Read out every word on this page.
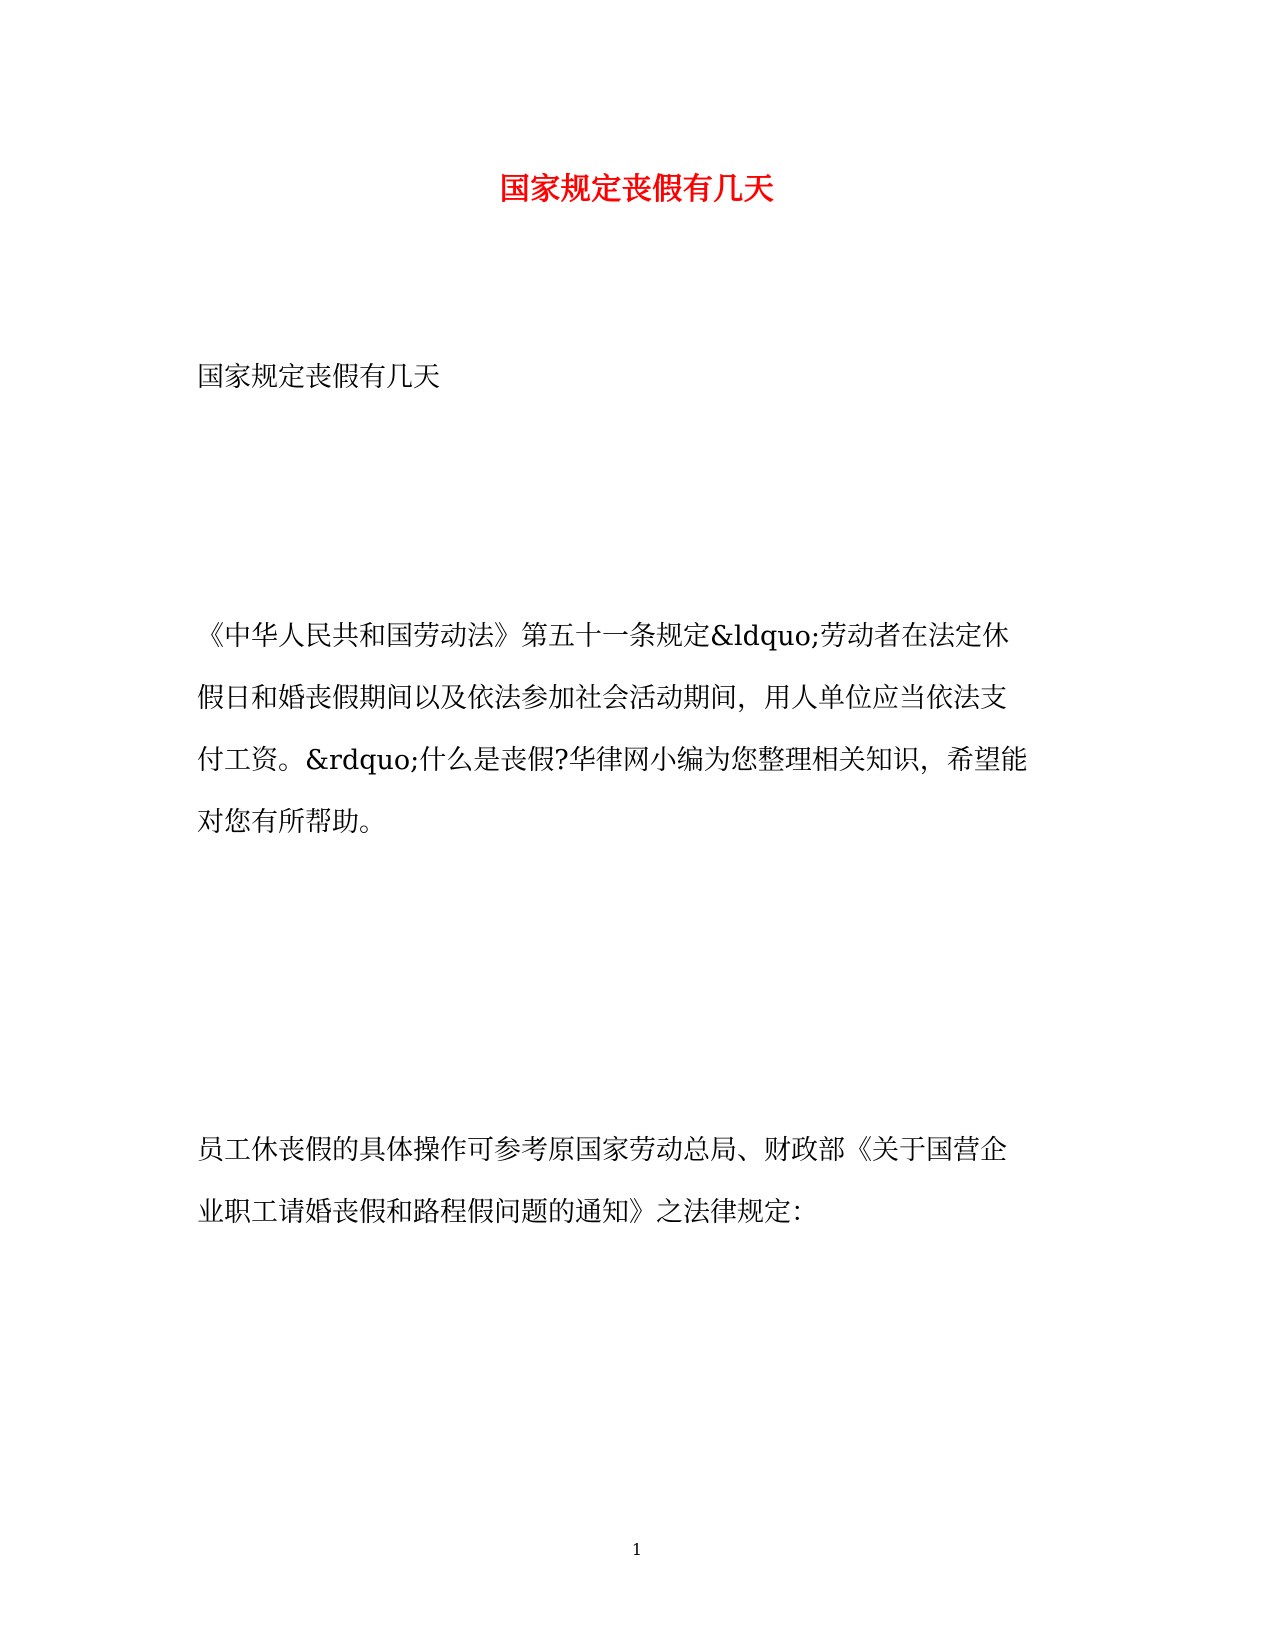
国家规定丧假有几天

国家规定丧假有几天

《中华人民共和国劳动法》第五十一条规定&ldquo;劳动者在法定休
假日和婚丧假期间以及依法参加社会活动期间，用人单位应当依法支
付工资。&rdquo;什么是丧假?华律网小编为您整理相关知识，希望能
对您有所帮助。

员工休丧假的具体操作可参考原国家劳动总局、财政部《关于国营企
业职工请婚丧假和路程假问题的通知》之法律规定：

1
